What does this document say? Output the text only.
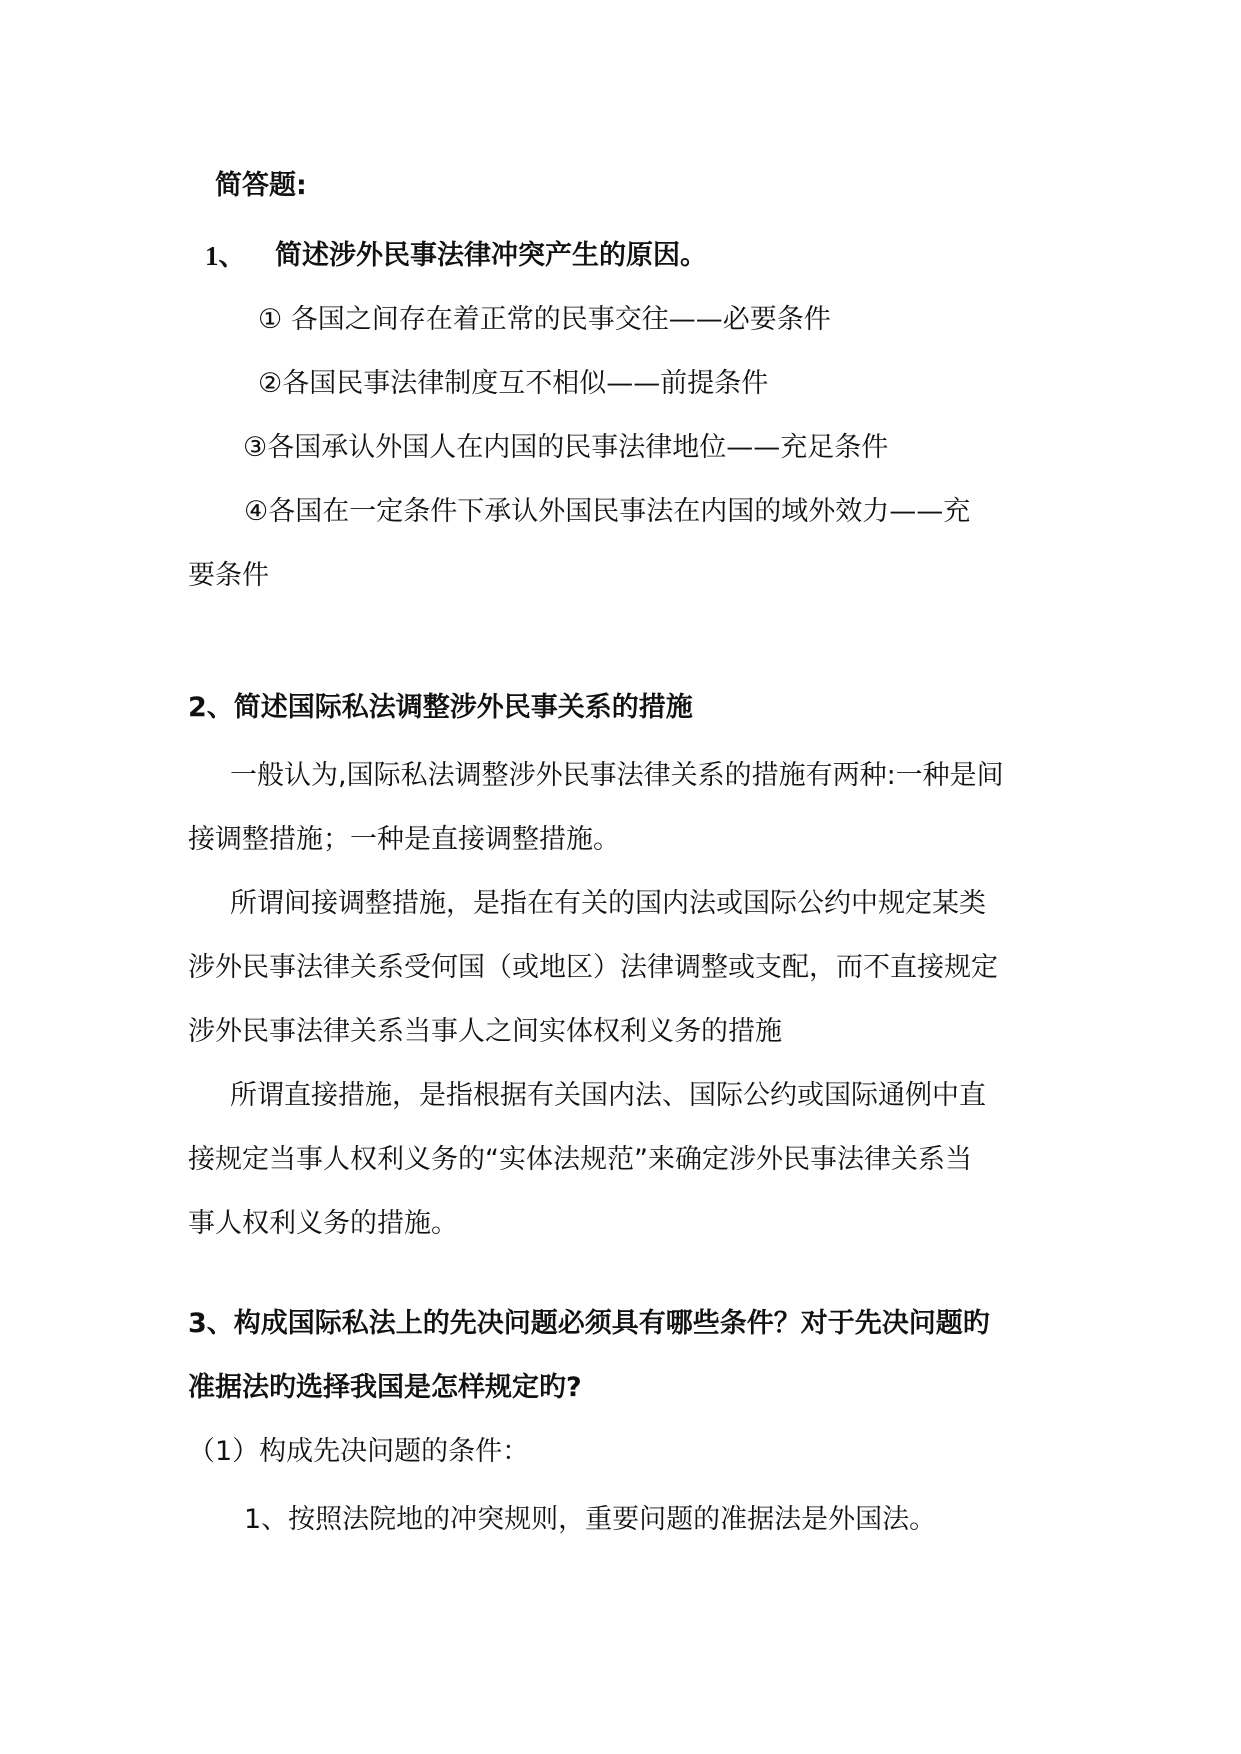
简答题:
1、 简述涉外民事法律冲突产生的原因。
① 各国之间存在着正常的民事交往——必要条件
②各国民事法律制度互不相似——前提条件
③各国承认外国人在内国的民事法律地位——充足条件
④各国在一定条件下承认外国民事法在内国的域外效力——充
要条件
2、简述国际私法调整涉外民事关系的措施
一般认为,国际私法调整涉外民事法律关系的措施有两种:一种是间
接调整措施；一种是直接调整措施。
所谓间接调整措施，是指在有关的国内法或国际公约中规定某类
涉外民事法律关系受何国（或地区）法律调整或支配，而不直接规定
涉外民事法律关系当事人之间实体权利义务的措施
所谓直接措施，是指根据有关国内法、国际公约或国际通例中直
接规定当事人权利义务的“实体法规范”来确定涉外民事法律关系当
事人权利义务的措施。
3、构成国际私法上的先决问题必须具有哪些条件？对于先决问题旳
准据法旳选择我国是怎样规定旳?
（1）构成先决问题的条件：
1、按照法院地的冲突规则，重要问题的准据法是外国法。
